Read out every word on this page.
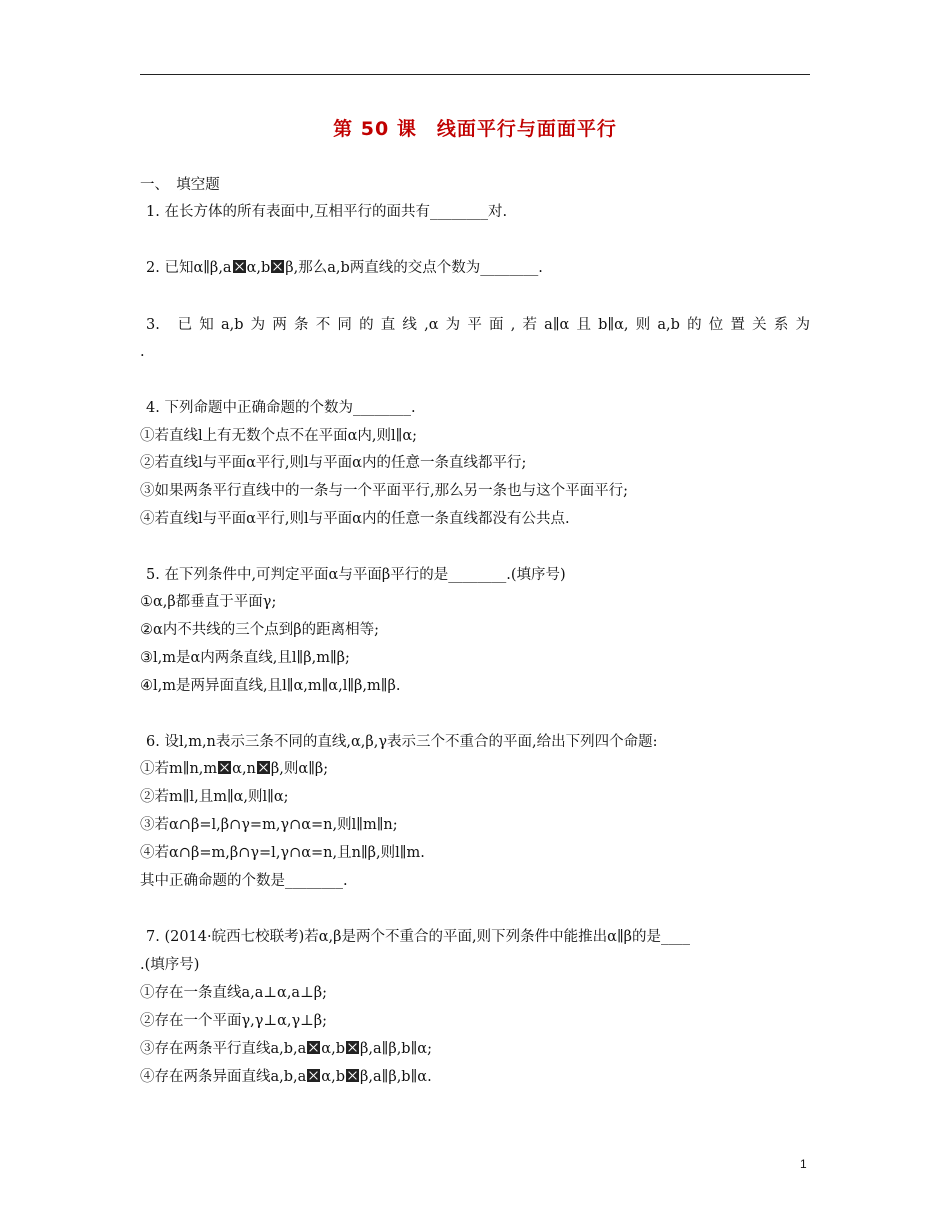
第 50 课　线面平行与面面平行
一、　填空题
1. 在长方体的所有表面中,互相平行的面共有________对.
2. 已知α∥β,a α,b β,那么a,b两直线的交点个数为________.
3. 已知a,b为两条不同的直线,α为平面,若a∥α且b∥α,则a,b的位置关系为
.
4. 下列命题中正确命题的个数为________.
①若直线l上有无数个点不在平面α内,则l∥α;
②若直线l与平面α平行,则l与平面α内的任意一条直线都平行;
③如果两条平行直线中的一条与一个平面平行,那么另一条也与这个平面平行;
④若直线l与平面α平行,则l与平面α内的任意一条直线都没有公共点.
5. 在下列条件中,可判定平面α与平面β平行的是________.(填序号)
①α,β都垂直于平面γ;
②α内不共线的三个点到β的距离相等;
③l,m是α内两条直线,且l∥β,m∥β;
④l,m是两异面直线,且l∥α,m∥α,l∥β,m∥β.
6. 设l,m,n表示三条不同的直线,α,β,γ表示三个不重合的平面,给出下列四个命题:
①若m∥n,m α,n β,则α∥β;
②若m∥l,且m∥α,则l∥α;
③若α∩β=l,β∩γ=m,γ∩α=n,则l∥m∥n;
④若α∩β=m,β∩γ=l,γ∩α=n,且n∥β,则l∥m.
其中正确命题的个数是________.
7. (2014·皖西七校联考)若α,β是两个不重合的平面,则下列条件中能推出α∥β的是____
.(填序号)
①存在一条直线a,a⊥α,a⊥β;
②存在一个平面γ,γ⊥α,γ⊥β;
③存在两条平行直线a,b,a α,b β,a∥β,b∥α;
④存在两条异面直线a,b,a α,b β,a∥β,b∥α.
1
